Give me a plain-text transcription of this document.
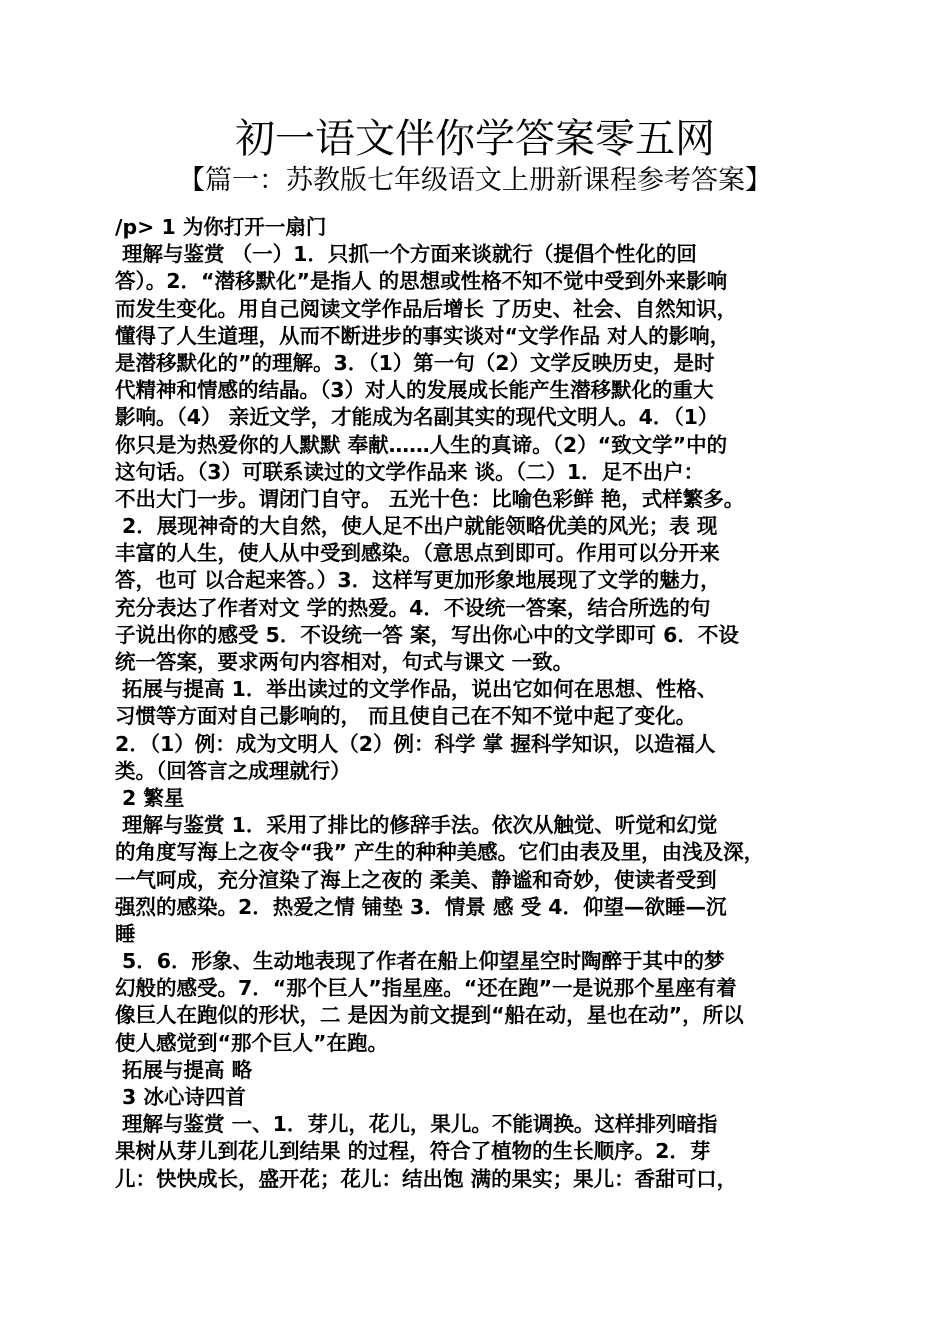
初一语文伴你学答案零五网
【篇一：苏教版七年级语文上册新课程参考答案】
/p> 1 为你打开一扇门
理解与鉴赏 （一）1．只抓一个方面来谈就行（提倡个性化的回
答）。2．“潜移默化”是指人 的思想或性格不知不觉中受到外来影响
而发生变化。用自己阅读文学作品后增长 了历史、社会、自然知识，
懂得了人生道理，从而不断进步的事实谈对“文学作品 对人的影响，
是潜移默化的”的理解。3．（1）第一句（2）文学反映历史，是时
代精神和情感的结晶。（3）对人的发展成长能产生潜移默化的重大
影响。（4） 亲近文学，才能成为名副其实的现代文明人。4．（1）
你只是为热爱你的人默默 奉献……人生的真谛。（2）“致文学”中的
这句话。（3）可联系读过的文学作品来 谈。（二）1．足不出户：
不出大门一步。谓闭门自守。 五光十色：比喻色彩鲜 艳，式样繁多。
2．展现神奇的大自然，使人足不出户就能领略优美的风光；表 现
丰富的人生，使人从中受到感染。（意思点到即可。作用可以分开来
答，也可 以合起来答。）3．这样写更加形象地展现了文学的魅力，
充分表达了作者对文 学的热爱。4．不设统一答案，结合所选的句
子说出你的感受 5．不设统一答 案，写出你心中的文学即可 6．不设
统一答案，要求两句内容相对，句式与课文 一致。
拓展与提高 1．举出读过的文学作品，说出它如何在思想、性格、
习惯等方面对自己影响的， 而且使自己在不知不觉中起了变化。
2．（1）例：成为文明人（2）例：科学 掌 握科学知识，以造福人
类。（回答言之成理就行）
2 繁星
理解与鉴赏 1．采用了排比的修辞手法。依次从触觉、听觉和幻觉
的角度写海上之夜令“我” 产生的种种美感。它们由表及里，由浅及深，
一气呵成，充分渲染了海上之夜的 柔美、静谧和奇妙，使读者受到
强烈的感染。2．热爱之情 铺垫 3．情景 感 受 4．仰望—欲睡—沉
睡
5．6．形象、生动地表现了作者在船上仰望星空时陶醉于其中的梦
幻般的感受。7．“那个巨人”指星座。“还在跑”一是说那个星座有着
像巨人在跑似的形状，二 是因为前文提到“船在动，星也在动”，所以
使人感觉到“那个巨人”在跑。
拓展与提高 略
3 冰心诗四首
理解与鉴赏 一、1．芽儿，花儿，果儿。不能调换。这样排列暗指
果树从芽儿到花儿到结果 的过程，符合了植物的生长顺序。2．芽
儿：快快成长，盛开花；花儿：结出饱 满的果实；果儿：香甜可口，
